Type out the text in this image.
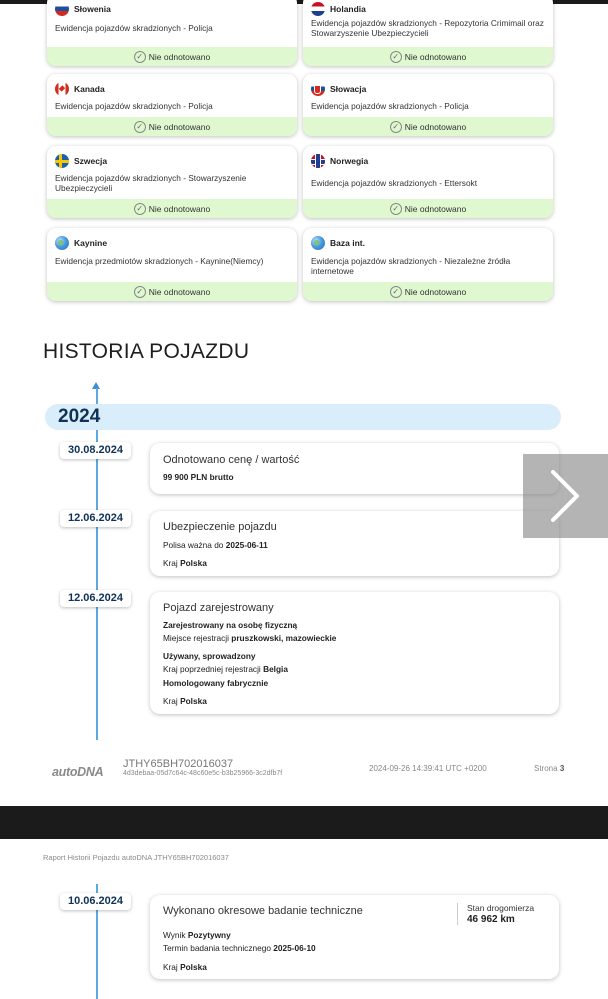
Słowenia
Ewidencja pojazdów skradzionych - Policja
✓ Nie odnotowano
Holandia
Ewidencja pojazdów skradzionych - Repozytoria Crimimail oraz Stowarzyszenie Ubezpieczycieli
✓ Nie odnotowano
Kanada
Ewidencja pojazdów skradzionych - Policja
✓ Nie odnotowano
Słowacja
Ewidencja pojazdów skradzionych - Policja
✓ Nie odnotowano
Szwecja
Ewidencja pojazdów skradzionych - Stowarzyszenie Ubezpieczycieli
✓ Nie odnotowano
Norwegia
Ewidencja pojazdów skradzionych - Ettersokt
✓ Nie odnotowano
Kaynine
Ewidencja przedmiotów skradzionych - Kaynine(Niemcy)
✓ Nie odnotowano
Baza int.
Ewidencja pojazdów skradzionych - Niezależne źródła internetowe
✓ Nie odnotowano
HISTORIA POJAZDU
2024
30.08.2024
Odnotowano cenę / wartość
99 900 PLN brutto
12.06.2024
Ubezpieczenie pojazdu
Polisa ważna do 2025-06-11
Kraj Polska
12.06.2024
Pojazd zarejestrowany
Zarejestrowany na osobę fizyczną
Miejsce rejestracji pruszkowski, mazowieckie
Używany, sprowadzony
Kraj poprzedniej rejestracji Belgia
Homologowany fabrycznie
Kraj Polska
autoDNA
JTHY65BH702016037
4d3debaa-05d7c64c-48c60e5c-b3b25966-3c2dfb7f
2024-09-26 14:39:41 UTC +0200	Strona 3
Raport Historii Pojazdu autoDNA JTHY65BH702016037
10.06.2024
Wykonano okresowe badanie techniczne	Stan drogomierza
46 962 km
Wynik Pozytywny
Termin badania technicznego 2025-06-10
Kraj Polska
